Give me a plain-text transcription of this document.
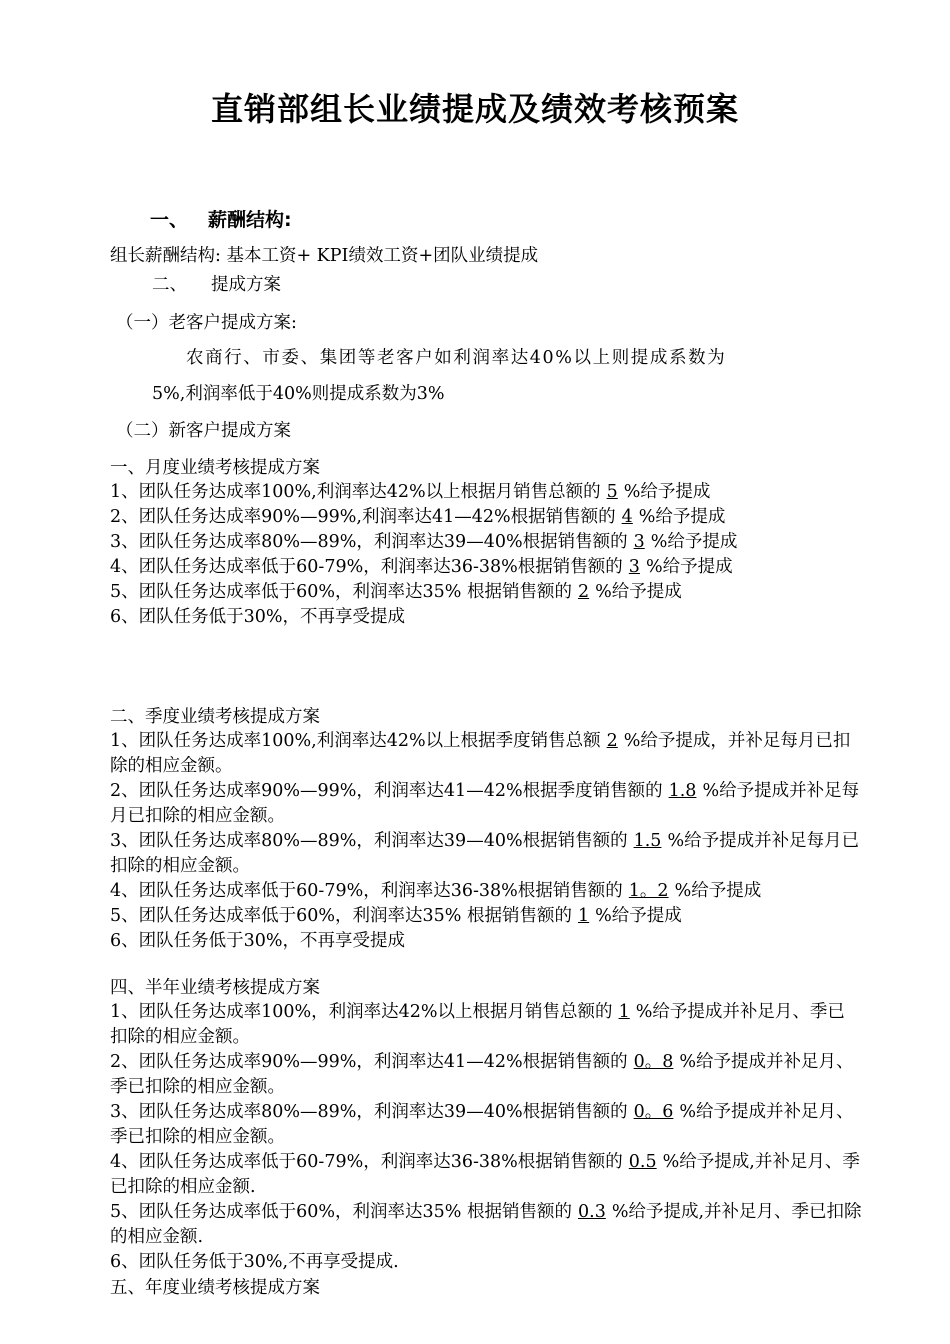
直销部组长业绩提成及绩效考核预案
一、 薪酬结构:
组长薪酬结构: 基本工资+ KPI绩效工资+团队业绩提成
二、 提成方案
（一）老客户提成方案:
农商行、市委、集团等老客户如利润率达40%以上则提成系数为
5%,利润率低于40%则提成系数为3%
（二）新客户提成方案
一、月度业绩考核提成方案
1、团队任务达成率100%,利润率达42%以上根据月销售总额的 5 %给予提成
2、团队任务达成率90%—99%,利润率达41—42%根据销售额的 4 %给予提成
3、团队任务达成率80%—89%，利润率达39—40%根据销售额的 3 %给予提成
4、团队任务达成率低于60-79%，利润率达36-38%根据销售额的 3 %给予提成
5、团队任务达成率低于60%，利润率达35% 根据销售额的 2 %给予提成
6、团队任务低于30%，不再享受提成
二、季度业绩考核提成方案
1、团队任务达成率100%,利润率达42%以上根据季度销售总额 2 %给予提成，并补足每月已扣除的相应金额。
2、团队任务达成率90%—99%，利润率达41—42%根据季度销售额的 1.8 %给予提成并补足每月已扣除的相应金额。
3、团队任务达成率80%—89%，利润率达39—40%根据销售额的 1.5 %给予提成并补足每月已扣除的相应金额。
4、团队任务达成率低于60-79%，利润率达36-38%根据销售额的 1。2 %给予提成
5、团队任务达成率低于60%，利润率达35% 根据销售额的 1 %给予提成
6、团队任务低于30%，不再享受提成
四、半年业绩考核提成方案
1、团队任务达成率100%，利润率达42%以上根据月销售总额的 1 %给予提成并补足月、季已扣除的相应金额。
2、团队任务达成率90%—99%，利润率达41—42%根据销售额的 0。8 %给予提成并补足月、季已扣除的相应金额。
3、团队任务达成率80%—89%，利润率达39—40%根据销售额的 0。6 %给予提成并补足月、季已扣除的相应金额。
4、团队任务达成率低于60-79%，利润率达36-38%根据销售额的 0.5 %给予提成,并补足月、季已扣除的相应金额.
5、团队任务达成率低于60%，利润率达35% 根据销售额的 0.3 %给予提成,并补足月、季已扣除的相应金额.
6、团队任务低于30%,不再享受提成.
五、年度业绩考核提成方案
